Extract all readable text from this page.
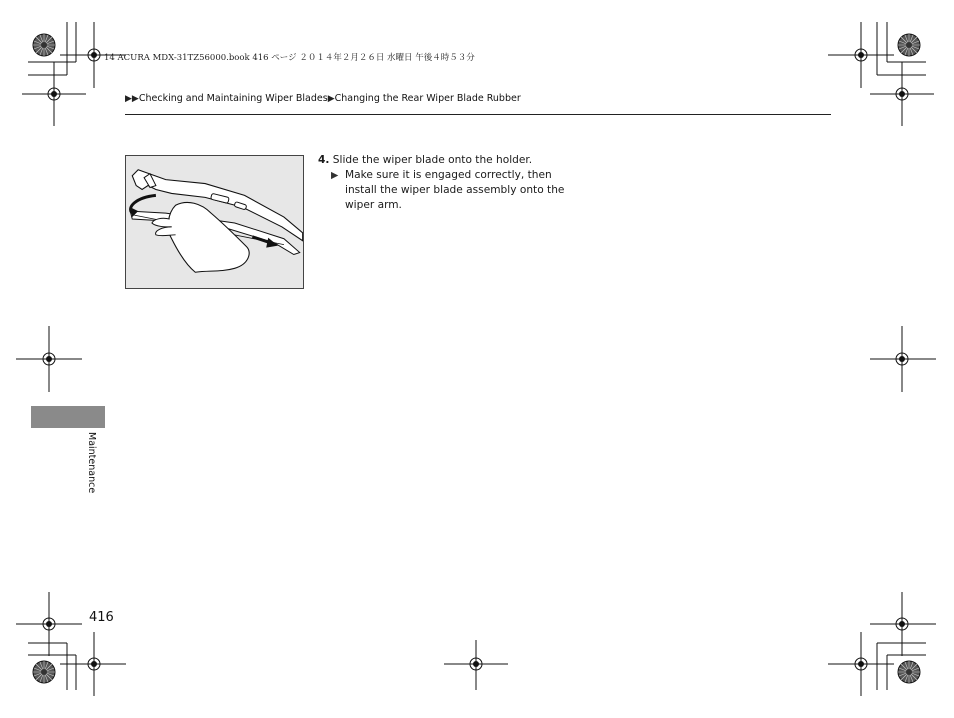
14 ACURA MDX-31TZ56000.book 416 ページ ２０１４年２月２６日 水曜日 午後４時５３分
▶▶Checking and Maintaining Wiper Blades▶Changing the Rear Wiper Blade Rubber
4. Slide the wiper blade onto the holder.
▶ Make sure it is engaged correctly, then install the wiper blade assembly onto the wiper arm.
Maintenance
416
